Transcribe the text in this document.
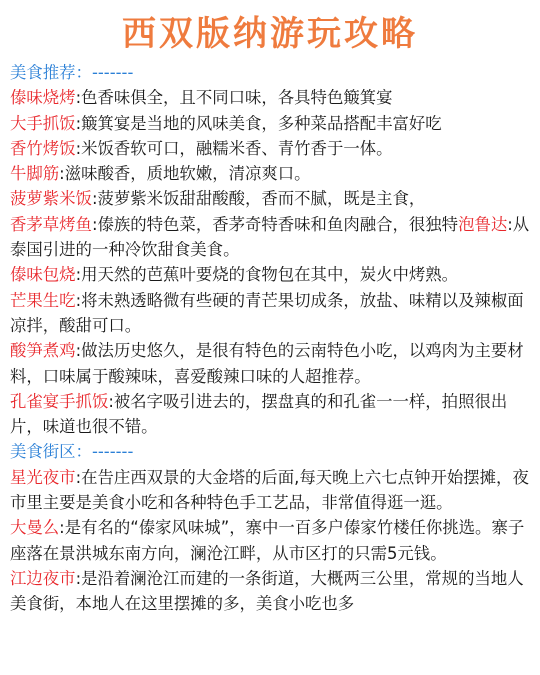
西双版纳游玩攻略
美食推荐：-------

傣味烧烤:色香味俱全，且不同口味，各具特色簸箕宴

大手抓饭:簸箕宴是当地的风味美食，多种菜品搭配丰富好吃

香竹烤饭:米饭香软可口，融糯米香、青竹香于一体。

牛脚筋:滋味酸香，质地软嫩，清凉爽口。

菠萝紫米饭:菠萝紫米饭甜甜酸酸，香而不腻，既是主食，

香茅草烤鱼:傣族的特色菜，香茅奇特香味和鱼肉融合，很独特泡鲁达:从泰国引进的一种冷饮甜食美食。

傣味包烧:用天然的芭蕉叶要烧的食物包在其中，炭火中烤熟。

芒果生吃:将未熟透略微有些硬的青芒果切成条，放盐、味精以及辣椒面凉拌，酸甜可口。

酸笋煮鸡:做法历史悠久，是很有特色的云南特色小吃，以鸡肉为主要材料，口味属于酸辣味，喜爱酸辣口味的人超推荐。

孔雀宴手抓饭:被名字吸引进去的，摆盘真的和孔雀一一样，拍照很出片，味道也很不错。

美食街区：-------

星光夜市:在告庄西双景的大金塔的后面,每天晚上六七点钟开始摆摊，夜市里主要是美食小吃和各种特色手工艺品，非常值得逛一逛。

大曼么:是有名的“傣家风味城”，寨中一百多户傣家竹楼任你挑选。寨子座落在景洪城东南方向，澜沧江畔，从市区打的只需5元钱。

江边夜市:是沿着澜沧江而建的一条街道，大概两三公里，常规的当地人美食街，本地人在这里摆摊的多，美食小吃也多
